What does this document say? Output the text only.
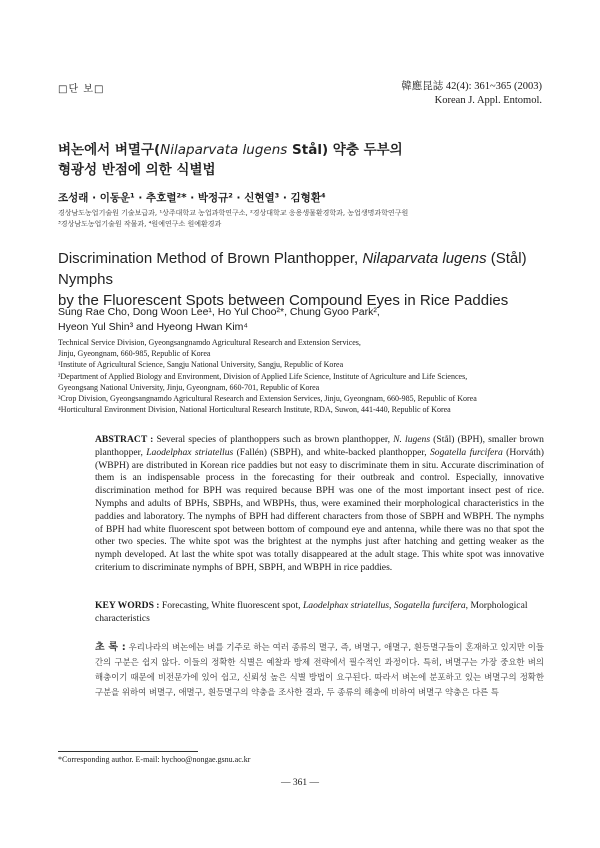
□단 보□	韓應昆誌 42(4): 361~365 (2003)
Korean J. Appl. Entomol.
벼논에서 벼멸구(Nilaparvata lugens Stål) 약충 두부의
형광성 반점에 의한 식별법
조성래 · 이동운¹ · 추호렬²* · 박정규² · 신현열³ · 김형환⁴
경상남도농업기술원 기술보급과, ¹상주대학교 농업과학연구소, ²경상대학교 응용생물환경학과, 농업생명과학연구원
³경상남도농업기술원 작물과, ⁴원예연구소 원예환경과
Discrimination Method of Brown Planthopper, Nilaparvata lugens (Stål) Nymphs
by the Fluorescent Spots between Compound Eyes in Rice Paddies
Sung Rae Cho, Dong Woon Lee¹, Ho Yul Choo²*, Chung Gyoo Park²,
Hyeon Yul Shin³ and Hyeong Hwan Kim⁴
Technical Service Division, Gyeongsangnamdo Agricultural Research and Extension Services,
Jinju, Gyeongnam, 660-985, Republic of Korea
¹Institute of Agricultural Science, Sangju National University, Sangju, Republic of Korea
²Department of Applied Biology and Environment, Division of Applied Life Science, Institute of Agriculture and Life Sciences,
Gyeongsang National University, Jinju, Gyeongnam, 660-701, Republic of Korea
³Crop Division, Gyeongsangnamdo Agricultural Research and Extension Services, Jinju, Gyeongnam, 660-985, Republic of Korea
⁴Horticultural Environment Division, National Horticultural Research Institute, RDA, Suwon, 441-440, Republic of Korea
ABSTRACT : Several species of planthoppers such as brown planthopper, N. lugens (Stål) (BPH), smaller brown planthopper, Laodelphax striatellus (Fallén) (SBPH), and white-backed planthopper, Sogatella furcifera (Horváth) (WBPH) are distributed in Korean rice paddies but not easy to discriminate them in situ. Accurate discrimination of them is an indispensable process in the forecasting for their outbreak and control. Especially, innovative discrimination method for BPH was required because BPH was one of the most important insect pest of rice. Nymphs and adults of BPHs, SBPHs, and WBPHs, thus, were examined their morphological characteristics in the paddies and laboratory. The nymphs of BPH had different characters from those of SBPH and WBPH. The nymphs of BPH had white fluorescent spot between bottom of compound eye and antenna, while there was no that spot the other two species. The white spot was the brightest at the nymphs just after hatching and getting weaker as the nymph developed. At last the white spot was totally disappeared at the adult stage. This white spot was innovative criterium to discriminate nymphs of BPH, SBPH, and WBPH in rice paddies.
KEY WORDS : Forecasting, White fluorescent spot, Laodelphax striatellus, Sogatella furcifera, Morphological characteristics
초 록 : 우리나라의 벼논에는 벼를 기주로 하는 여러 종류의 멸구, 즉, 벼멸구, 애멸구, 흰등멸구들이 혼재하고 있지만 이들간의 구분은 쉽지 않다. 이들의 정확한 식별은 예찰과 방제 전략에서 필수적인 과정이다. 특히, 벼멸구는 가장 중요한 벼의 해충이기 때문에 비전문가에 있어 쉽고, 신뢰성 높은 식별 방법이 요구된다. 따라서 벼논에 분포하고 있는 벼멸구의 정확한 구분을 위하여 벼멸구, 애멸구, 흰등멸구의 약충을 조사한 결과, 두 종류의 해충에 비하여 벼멸구 약충은 다른 특
*Corresponding author. E-mail: hychoo@nongae.gsnu.ac.kr
— 361 —
